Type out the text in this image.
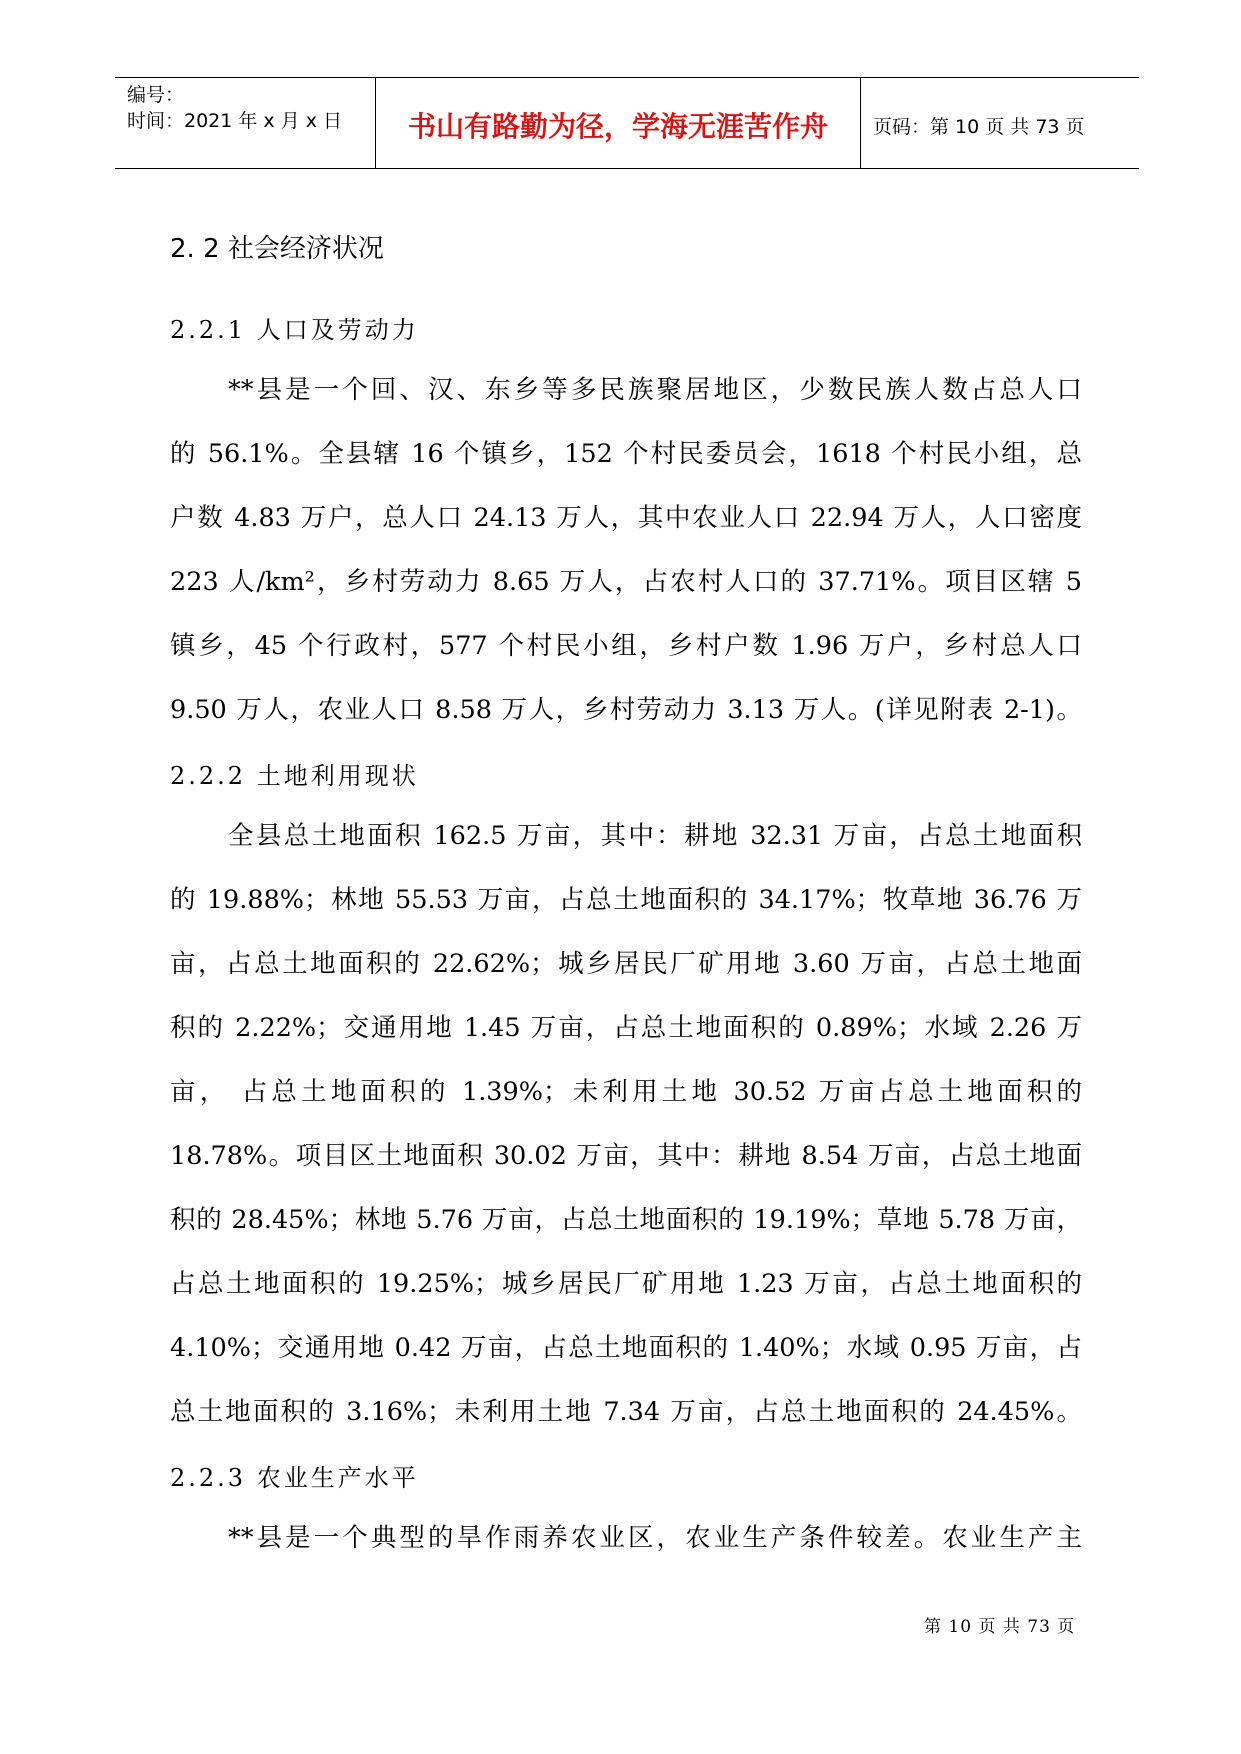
编号：
时间：2021 年 x 月 x 日	书山有路勤为径，学海无涯苦作舟	页码：第 10 页 共 73 页
2. 2 社会经济状况
2.2.1 人口及劳动力
**县是一个回、汉、东乡等多民族聚居地区，少数民族人数占总人口
的 56.1%。全县辖 16 个镇乡，152 个村民委员会，1618 个村民小组，总
户数 4.83 万户，总人口 24.13 万人，其中农业人口 22.94 万人，人口密度
223 人/km²，乡村劳动力 8.65 万人，占农村人口的 37.71%。项目区辖 5
镇乡，45 个行政村，577 个村民小组，乡村户数 1.96 万户，乡村总人口
9.50 万人，农业人口 8.58 万人，乡村劳动力 3.13 万人。(详见附表 2-1)。
2.2.2 土地利用现状
全县总土地面积 162.5 万亩，其中：耕地 32.31 万亩，占总土地面积
的 19.88%；林地 55.53 万亩，占总土地面积的 34.17%；牧草地 36.76 万
亩，占总土地面积的 22.62%；城乡居民厂矿用地 3.60 万亩，占总土地面
积的 2.22%；交通用地 1.45 万亩，占总土地面积的 0.89%；水域 2.26 万
亩， 占总土地面积的 1.39%；未利用土地 30.52 万亩占总土地面积的
18.78%。项目区土地面积 30.02 万亩，其中：耕地 8.54 万亩，占总土地面
积的 28.45%；林地 5.76 万亩，占总土地面积的 19.19%；草地 5.78 万亩，
占总土地面积的 19.25%；城乡居民厂矿用地 1.23 万亩，占总土地面积的
4.10%；交通用地 0.42 万亩，占总土地面积的 1.40%；水域 0.95 万亩，占
总土地面积的 3.16%；未利用土地 7.34 万亩，占总土地面积的 24.45%。
2.2.3 农业生产水平
**县是一个典型的旱作雨养农业区，农业生产条件较差。农业生产主
第 10 页 共 73 页
